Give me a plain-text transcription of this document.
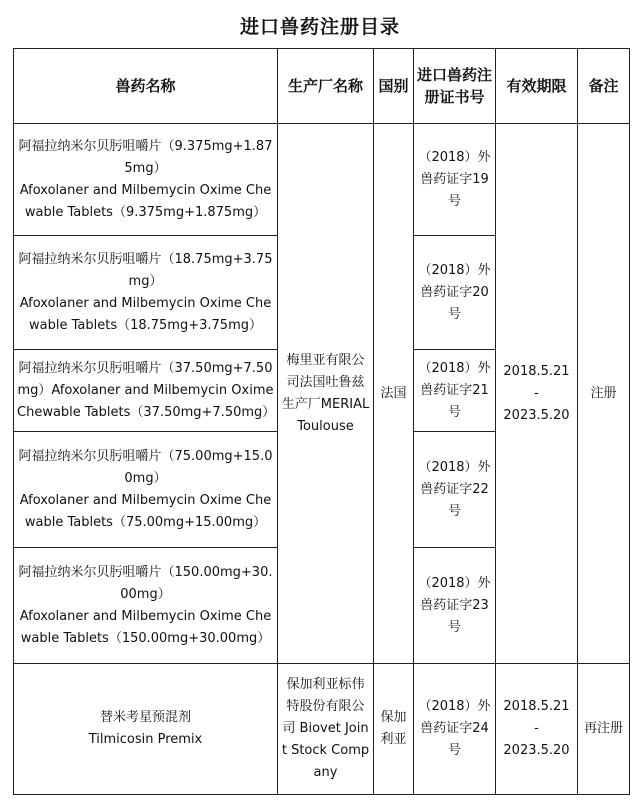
进口兽药注册目录
兽药名称	生产厂名称	国别	进口兽药注册证书号	有效期限	备注

阿福拉纳米尔贝肟咀嚼片（9.375mg+1.875mg）
Afoxolaner and Milbemycin Oxime Chewable Tablets（9.375mg+1.875mg）	梅里亚有限公司法国吐鲁兹生产厂MERIAL Toulouse	法国	（2018）外兽药证字19号	2018.5.21
-
2023.5.20	注册

阿福拉纳米尔贝肟咀嚼片（18.75mg+3.75mg）
Afoxolaner and Milbemycin Oxime Chewable Tablets（18.75mg+3.75mg）			（2018）外兽药证字20号		
阿福拉纳米尔贝肟咀嚼片（37.50mg+7.50mg）Afoxolaner and Milbemycin Oxime Chewable Tablets（37.50mg+7.50mg）			（2018）外兽药证字21号		

阿福拉纳米尔贝肟咀嚼片（75.00mg+15.00mg）
Afoxolaner and Milbemycin Oxime Chewable Tablets（75.00mg+15.00mg）			（2018）外兽药证字22号		

阿福拉纳米尔贝肟咀嚼片（150.00mg+30.00mg）
Afoxolaner and Milbemycin Oxime Chewable Tablets（150.00mg+30.00mg）			（2018）外兽药证字23号		

替米考星预混剂
Tilmicosin Premix	保加利亚标伟特股份有限公司 Biovet Joint Stock Company	保加利亚	（2018）外兽药证字24号	2018.5.21
-
2023.5.20	再注册
